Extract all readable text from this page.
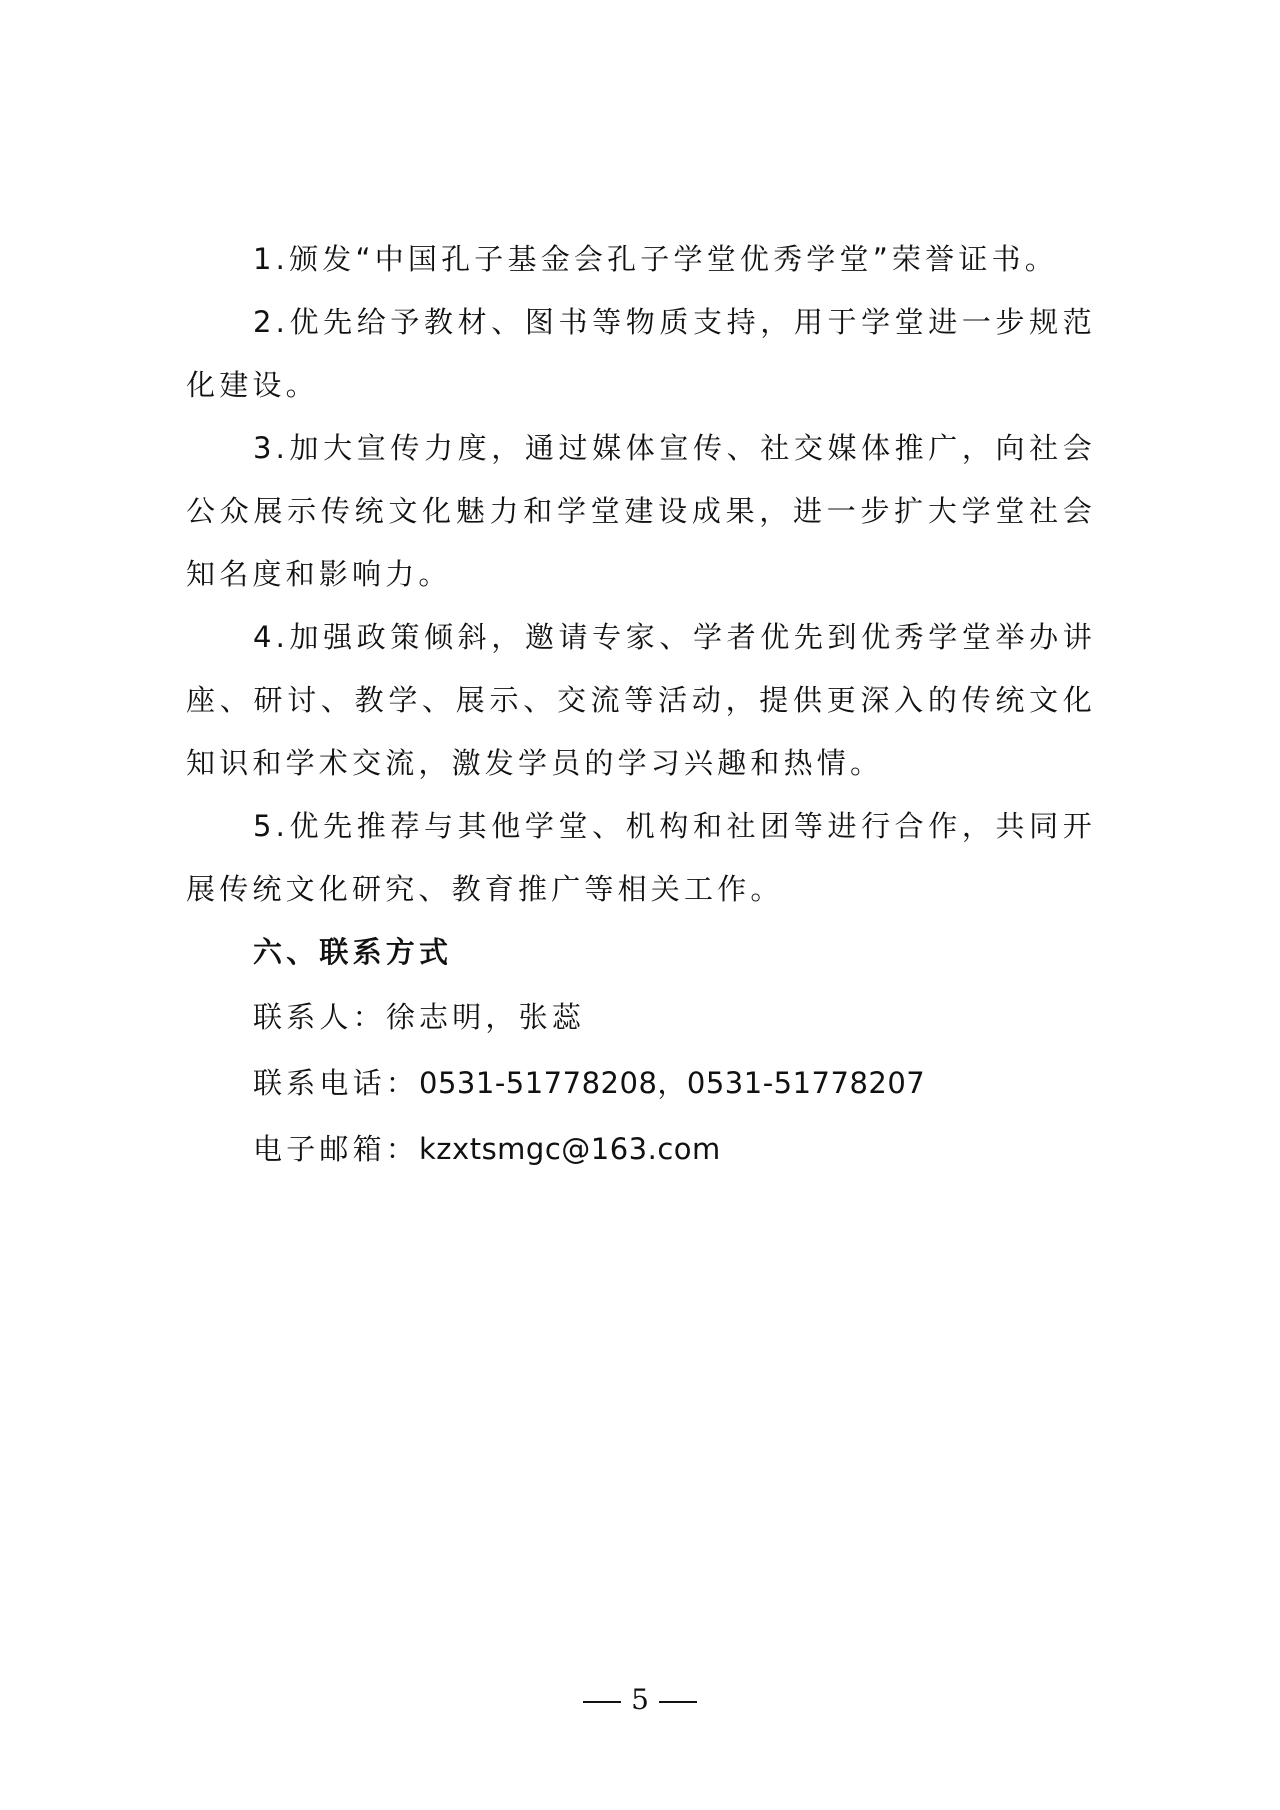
1.颁发“中国孔子基金会孔子学堂优秀学堂”荣誉证书。

2.优先给予教材、图书等物质支持，用于学堂进一步规范化建设。

3.加大宣传力度，通过媒体宣传、社交媒体推广，向社会公众展示传统文化魅力和学堂建设成果，进一步扩大学堂社会知名度和影响力。

4.加强政策倾斜，邀请专家、学者优先到优秀学堂举办讲座、研讨、教学、展示、交流等活动，提供更深入的传统文化知识和学术交流，激发学员的学习兴趣和热情。

5.优先推荐与其他学堂、机构和社团等进行合作，共同开展传统文化研究、教育推广等相关工作。

六、联系方式

联系人：徐志明，张蕊

联系电话：0531-51778208，0531-51778207

电子邮箱：kzxtsmgc@163.com

5
